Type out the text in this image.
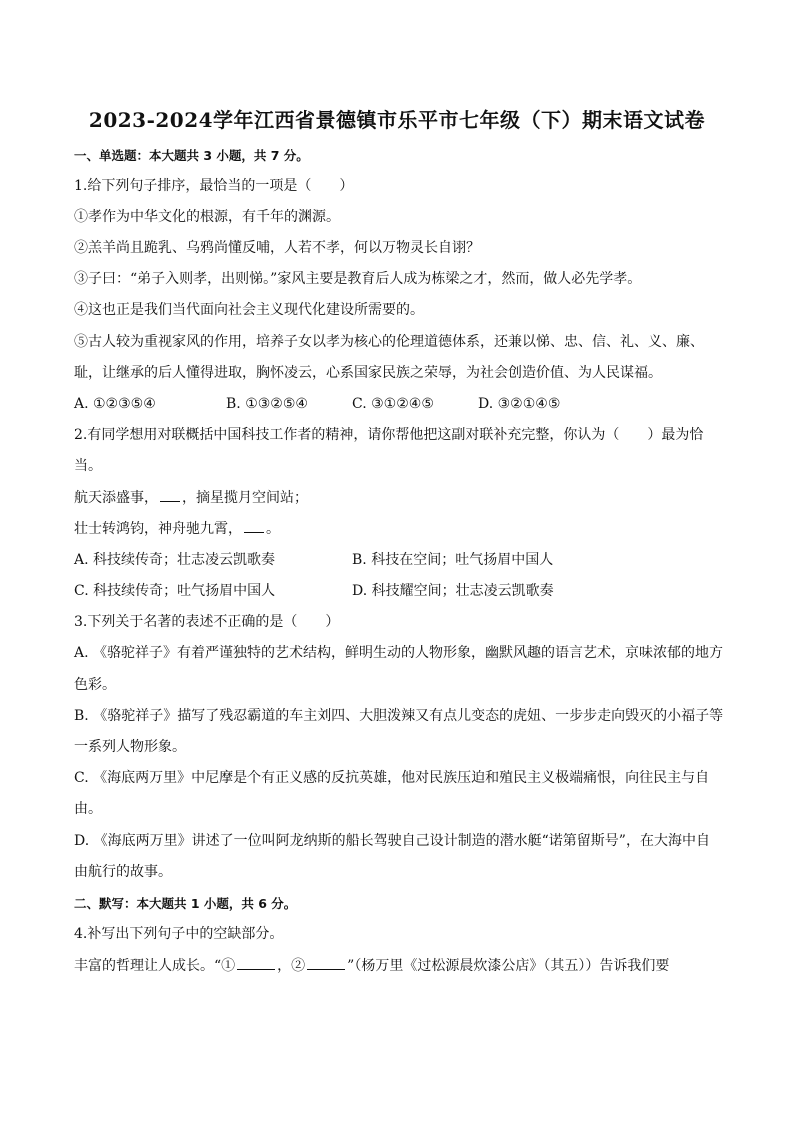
2023-2024学年江西省景德镇市乐平市七年级（下）期末语文试卷
一、单选题：本大题共 3 小题，共 7 分。
1.给下列句子排序，最恰当的一项是（　　）
①孝作为中华文化的根源，有千年的渊源。
②羔羊尚且跪乳、乌鸦尚懂反哺，人若不孝，何以万物灵长自诩？
③子曰：“弟子入则孝，出则悌。”家风主要是教育后人成为栋梁之才，然而，做人必先学孝。
④这也正是我们当代面向社会主义现代化建设所需要的。
⑤古人较为重视家风的作用，培养子女以孝为核心的伦理道德体系，还兼以悌、忠、信、礼、义、廉、
耻，让继承的后人懂得进取，胸怀凌云，心系国家民族之荣辱，为社会创造价值、为人民谋福。
A. ①②③⑤④	B. ①③②⑤④	C. ③①②④⑤	D. ③②①④⑤
2.有同学想用对联概括中国科技工作者的精神，请你帮他把这副对联补充完整，你认为（　　）最为恰
当。
航天添盛事， ，摘星揽月空间站；
壮士转鸿钧，神舟驰九霄， 。
A. 科技续传奇；壮志凌云凯歌奏	B. 科技在空间；吐气扬眉中国人
C. 科技续传奇；吐气扬眉中国人	D. 科技耀空间；壮志凌云凯歌奏
3.下列关于名著的表述不正确的是（　　）
A. 《骆驼祥子》有着严谨独特的艺术结构，鲜明生动的人物形象，幽默风趣的语言艺术，京味浓郁的地方
色彩。
B. 《骆驼祥子》描写了残忍霸道的车主刘四、大胆泼辣又有点儿变态的虎妞、一步步走向毁灭的小福子等
一系列人物形象。
C. 《海底两万里》中尼摩是个有正义感的反抗英雄，他对民族压迫和殖民主义极端痛恨，向往民主与自
由。
D. 《海底两万里》讲述了一位叫阿龙纳斯的船长驾驶自己设计制造的潜水艇“诺第留斯号”，在大海中自
由航行的故事。
二、默写：本大题共 1 小题，共 6 分。
4.补写出下列句子中的空缺部分。
丰富的哲理让人成长。“①	，②	”（杨万里《过松源晨炊漆公店》（其五））告诉我们要
